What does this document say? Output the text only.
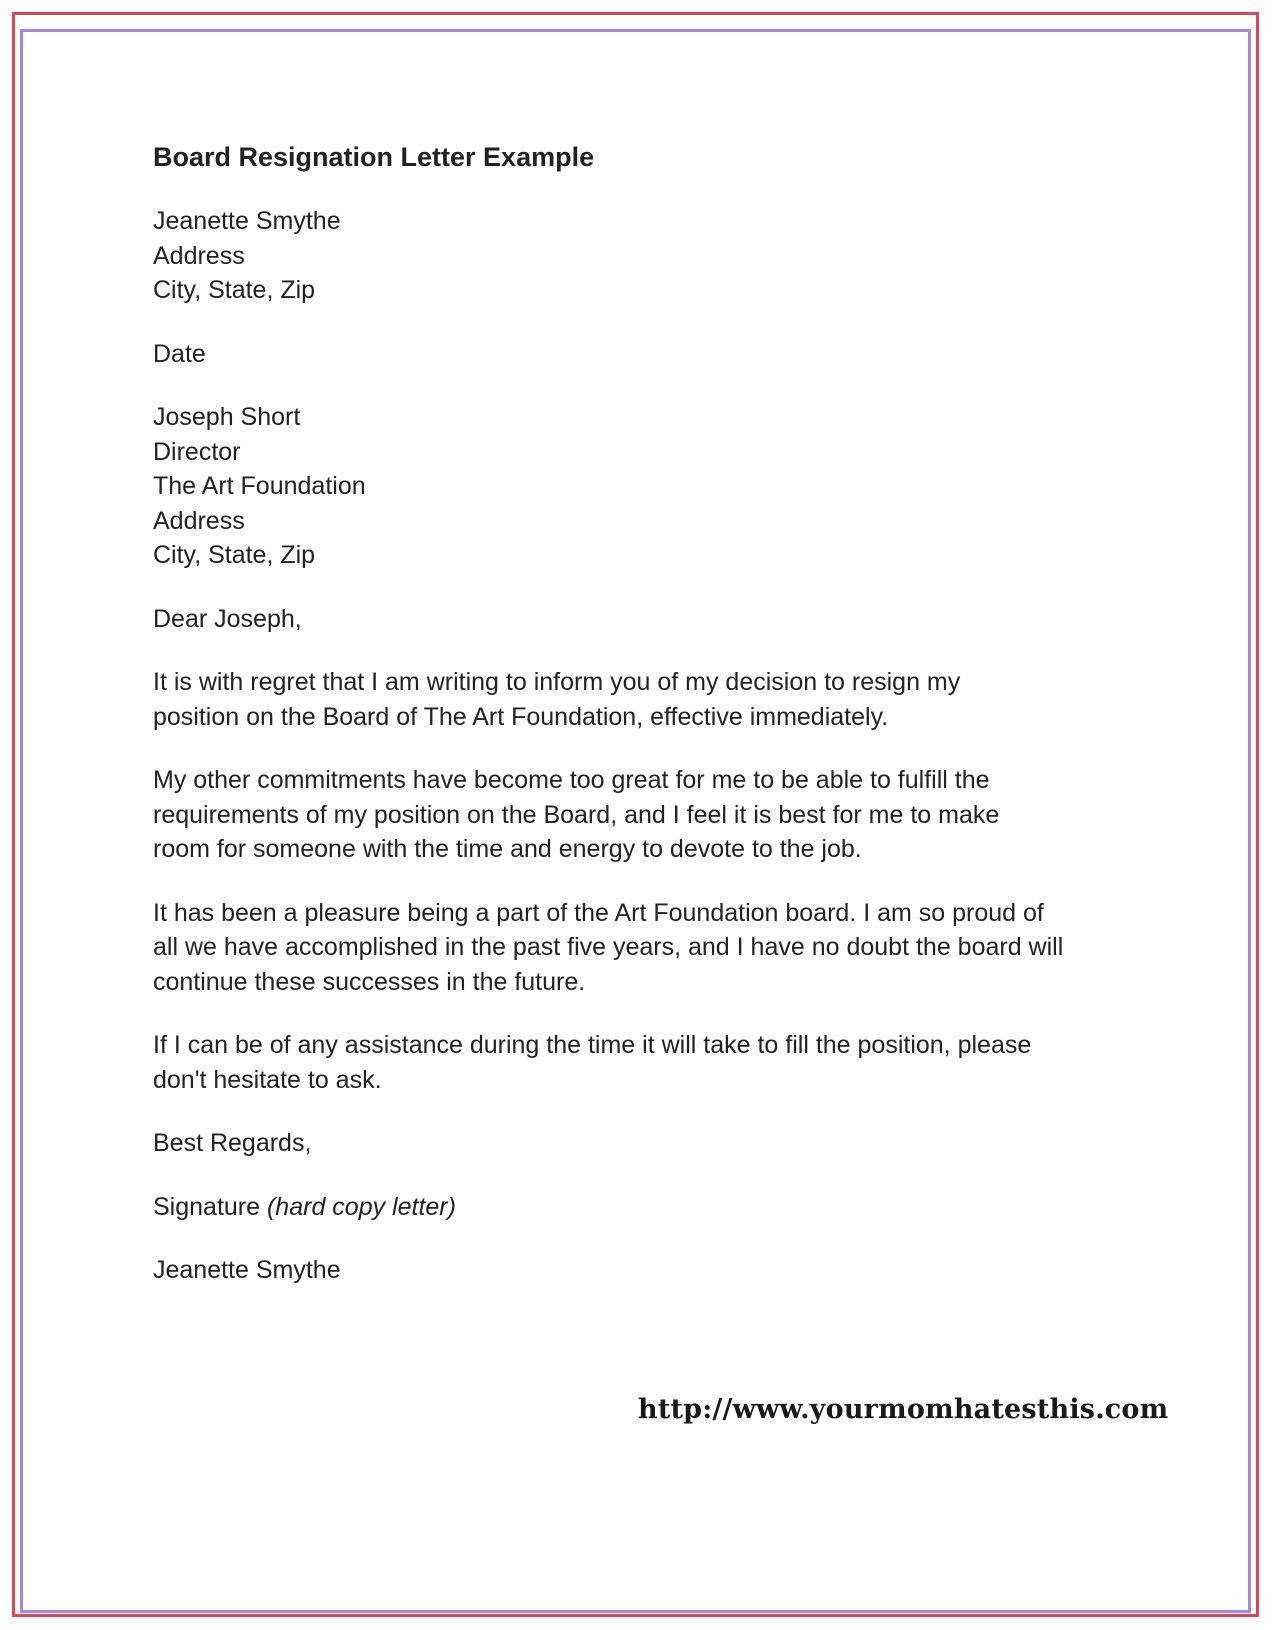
Board Resignation Letter Example

Jeanette Smythe

Address

City, State, Zip

Date

Joseph Short

Director

The Art Foundation

Address

City, State, Zip

Dear Joseph,

It is with regret that I am writing to inform you of my decision to resign my

position on the Board of The Art Foundation, effective immediately.

My other commitments have become too great for me to be able to fulfill the

requirements of my position on the Board, and I feel it is best for me to make

room for someone with the time and energy to devote to the job.

It has been a pleasure being a part of the Art Foundation board. I am so proud of

all we have accomplished in the past five years, and I have no doubt the board will

continue these successes in the future.

If I can be of any assistance during the time it will take to fill the position, please

don't hesitate to ask.

Best Regards,

Signature (hard copy letter)

Jeanette Smythe

http://www.yourmomhatesthis.com
